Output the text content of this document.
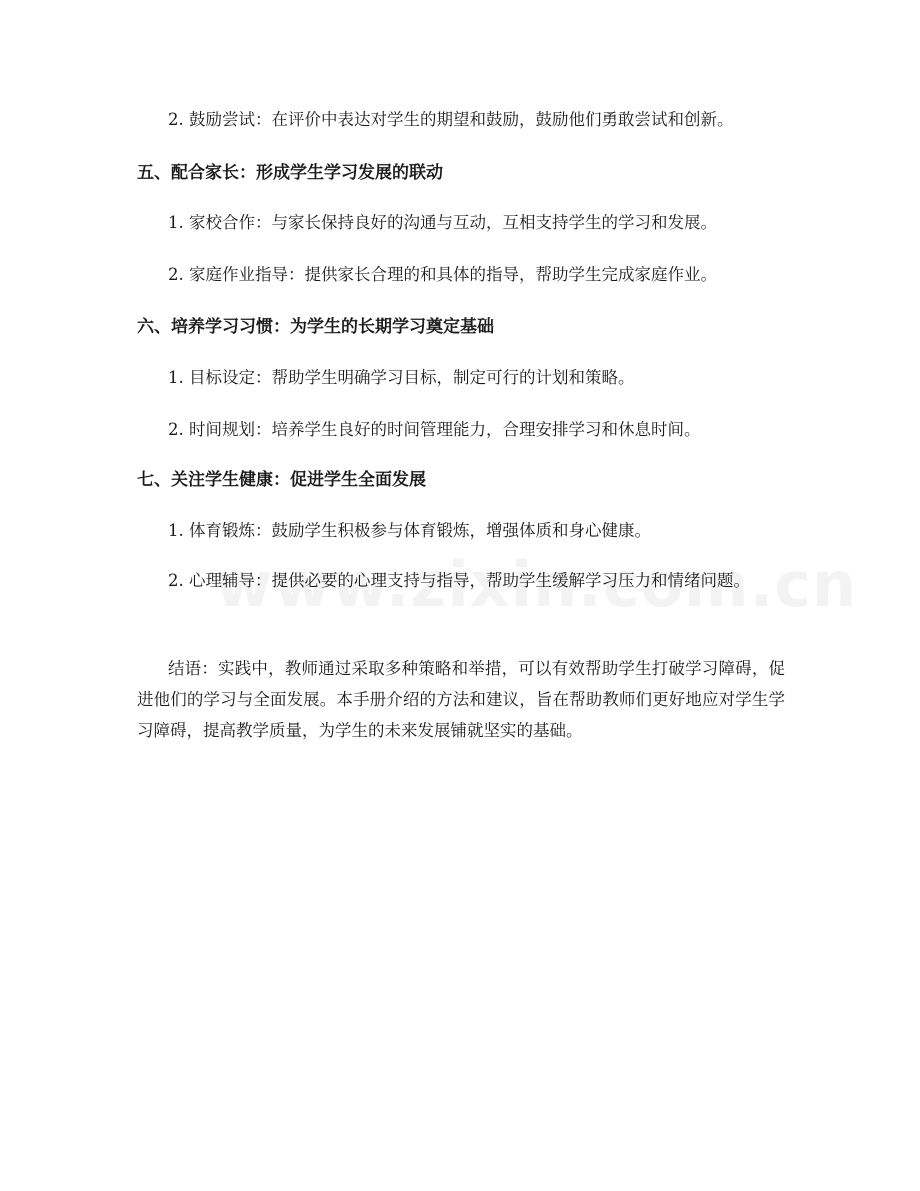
2. 鼓励尝试：在评价中表达对学生的期望和鼓励，鼓励他们勇敢尝试和创新。
五、配合家长：形成学生学习发展的联动
1. 家校合作：与家长保持良好的沟通与互动，互相支持学生的学习和发展。
2. 家庭作业指导：提供家长合理的和具体的指导，帮助学生完成家庭作业。
六、培养学习习惯：为学生的长期学习奠定基础
1. 目标设定：帮助学生明确学习目标，制定可行的计划和策略。
2. 时间规划：培养学生良好的时间管理能力，合理安排学习和休息时间。
七、关注学生健康：促进学生全面发展
1. 体育锻炼：鼓励学生积极参与体育锻炼，增强体质和身心健康。
2. 心理辅导：提供必要的心理支持与指导，帮助学生缓解学习压力和情绪问题。
结语：实践中，教师通过采取多种策略和举措，可以有效帮助学生打破学习障碍，促进他们的学习与全面发展。本手册介绍的方法和建议，旨在帮助教师们更好地应对学生学习障碍，提高教学质量，为学生的未来发展铺就坚实的基础。
